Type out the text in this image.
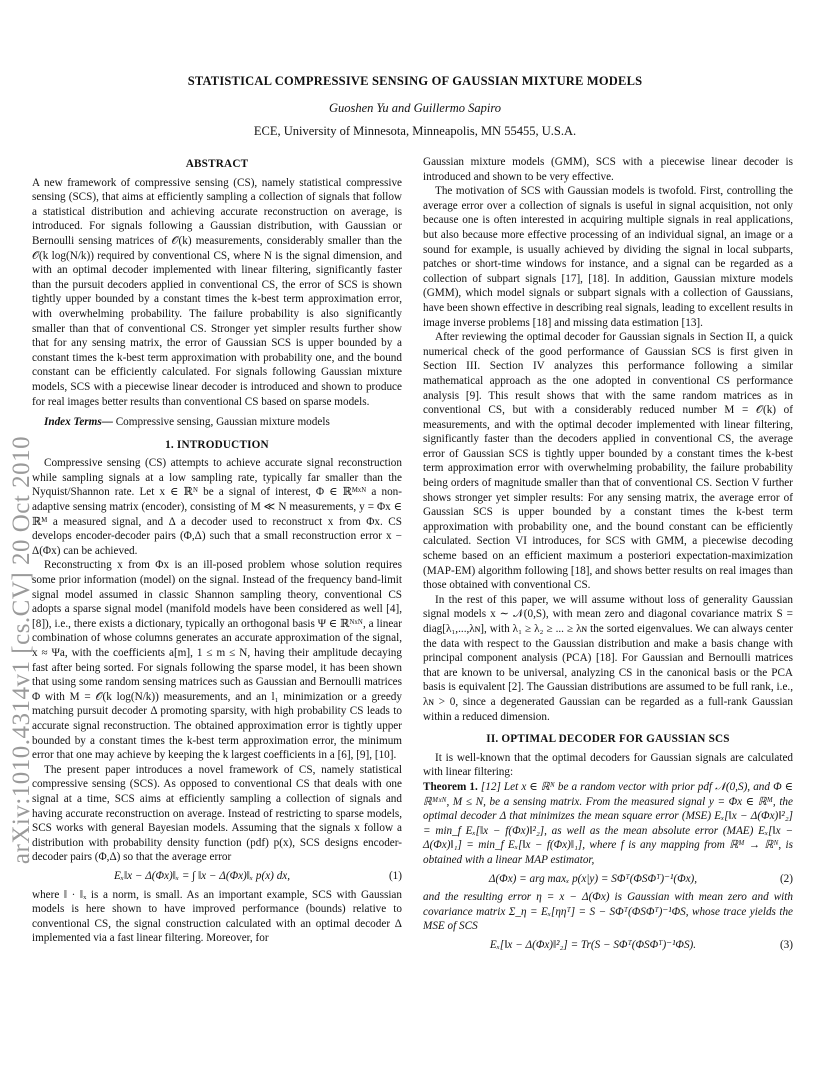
arXiv:1010.4314v1 [cs.CV] 20 Oct 2010
STATISTICAL COMPRESSIVE SENSING OF GAUSSIAN MIXTURE MODELS
Guoshen Yu and Guillermo Sapiro
ECE, University of Minnesota, Minneapolis, MN 55455, U.S.A.
ABSTRACT

A new framework of compressive sensing (CS), namely statistical compressive sensing (SCS), that aims at efficiently sampling a collection of signals that follow a statistical distribution and achieving accurate reconstruction on average, is introduced. For signals following a Gaussian distribution, with Gaussian or Bernoulli sensing matrices of 𝒪(k) measurements, considerably smaller than the 𝒪(k log(N/k)) required by conventional CS, where N is the signal dimension, and with an optimal decoder implemented with linear filtering, significantly faster than the pursuit decoders applied in conventional CS, the error of SCS is shown tightly upper bounded by a constant times the k-best term approximation error, with overwhelming probability. The failure probability is also significantly smaller than that of conventional CS. Stronger yet simpler results further show that for any sensing matrix, the error of Gaussian SCS is upper bounded by a constant times the k-best term approximation with probability one, and the bound constant can be efficiently calculated. For signals following Gaussian mixture models, SCS with a piecewise linear decoder is introduced and shown to produce for real images better results than conventional CS based on sparse models.

Index Terms— Compressive sensing, Gaussian mixture models

1. INTRODUCTION

Compressive sensing (CS) attempts to achieve accurate signal reconstruction while sampling signals at a low sampling rate, typically far smaller than the Nyquist/Shannon rate. Let x ∈ ℝᴺ be a signal of interest, Φ ∈ ℝᴹˣᴺ a non-adaptive sensing matrix (encoder), consisting of M ≪ N measurements, y = Φx ∈ ℝᴹ a measured signal, and Δ a decoder used to reconstruct x from Φx. CS develops encoder-decoder pairs (Φ,Δ) such that a small reconstruction error x − Δ(Φx) can be achieved.

Reconstructing x from Φx is an ill-posed problem whose solution requires some prior information (model) on the signal. Instead of the frequency band-limit signal model assumed in classic Shannon sampling theory, conventional CS adopts a sparse signal model (manifold models have been considered as well [4], [8]), i.e., there exists a dictionary, typically an orthogonal basis Ψ ∈ ℝᴺˣᴺ, a linear combination of whose columns generates an accurate approximation of the signal, x ≈ Ψa, with the coefficients a[m], 1 ≤ m ≤ N, having their amplitude decaying fast after being sorted. For signals following the sparse model, it has been shown that using some random sensing matrices such as Gaussian and Bernoulli matrices Φ with M = 𝒪(k log(N/k)) measurements, and an l₁ minimization or a greedy matching pursuit decoder Δ promoting sparsity, with high probability CS leads to accurate signal reconstruction. The obtained approximation error is tightly upper bounded by a constant times the k-best term approximation error, the minimum error that one may achieve by keeping the k largest coefficients in a [6], [9], [10].

The present paper introduces a novel framework of CS, namely statistical compressive sensing (SCS). As opposed to conventional CS that deals with one signal at a time, SCS aims at efficiently sampling a collection of signals and having accurate reconstruction on average. Instead of restricting to sparse models, SCS works with general Bayesian models. Assuming that the signals x follow a distribution with probability density function (pdf) p(x), SCS designs encoder-decoder pairs (Φ,Δ) so that the average error

Eₓ‖x − Δ(Φx)‖ₓ = ∫ ‖x − Δ(Φx)‖ₓ p(x) dx,	(1)

where ‖ · ‖ₓ is a norm, is small. As an important example, SCS with Gaussian models is here shown to have improved performance (bounds) relative to conventional CS, the signal construction calculated with an optimal decoder Δ implemented via a fast linear filtering. Moreover, for

Gaussian mixture models (GMM), SCS with a piecewise linear decoder is introduced and shown to be very effective.

The motivation of SCS with Gaussian models is twofold. First, controlling the average error over a collection of signals is useful in signal acquisition, not only because one is often interested in acquiring multiple signals in real applications, but also because more effective processing of an individual signal, an image or a sound for example, is usually achieved by dividing the signal in local subparts, patches or short-time windows for instance, and a signal can be regarded as a collection of subpart signals [17], [18]. In addition, Gaussian mixture models (GMM), which model signals or subpart signals with a collection of Gaussians, have been shown effective in describing real signals, leading to excellent results in image inverse problems [18] and missing data estimation [13].

After reviewing the optimal decoder for Gaussian signals in Section II, a quick numerical check of the good performance of Gaussian SCS is first given in Section III. Section IV analyzes this performance following a similar mathematical approach as the one adopted in conventional CS performance analysis [9]. This result shows that with the same random matrices as in conventional CS, but with a considerably reduced number M = 𝒪(k) of measurements, and with the optimal decoder implemented with linear filtering, significantly faster than the decoders applied in conventional CS, the average error of Gaussian SCS is tightly upper bounded by a constant times the k-best term approximation error with overwhelming probability, the failure probability being orders of magnitude smaller than that of conventional CS. Section V further shows stronger yet simpler results: For any sensing matrix, the average error of Gaussian SCS is upper bounded by a constant times the k-best term approximation with probability one, and the bound constant can be efficiently calculated. Section VI introduces, for SCS with GMM, a piecewise decoding scheme based on an efficient maximum a posteriori expectation-maximization (MAP-EM) algorithm following [18], and shows better results on real images than those obtained with conventional CS.

In the rest of this paper, we will assume without loss of generality Gaussian signal models x ∼ 𝒩(0,S), with mean zero and diagonal covariance matrix S = diag[λ₁,...,λɴ], with λ₁ ≥ λ₂ ≥ ... ≥ λɴ the sorted eigenvalues. We can always center the data with respect to the Gaussian distribution and make a basis change with principal component analysis (PCA) [18]. For Gaussian and Bernoulli matrices that are known to be universal, analyzing CS in the canonical basis or the PCA basis is equivalent [2]. The Gaussian distributions are assumed to be full rank, i.e., λɴ > 0, since a degenerated Gaussian can be regarded as a full-rank Gaussian within a reduced dimension.

II. OPTIMAL DECODER FOR GAUSSIAN SCS

It is well-known that the optimal decoders for Gaussian signals are calculated with linear filtering:

Theorem 1. [12] Let x ∈ ℝᴺ be a random vector with prior pdf 𝒩(0,S), and Φ ∈ ℝᴹˣᴺ, M ≤ N, be a sensing matrix. From the measured signal y = Φx ∈ ℝᴹ, the optimal decoder Δ that minimizes the mean square error (MSE) Eₓ[‖x − Δ(Φx)‖²₂] = min_f Eₓ[‖x − f(Φx)‖²₂], as well as the mean absolute error (MAE) Eₓ[‖x − Δ(Φx)‖₁] = min_f Eₓ[‖x − f(Φx)‖₁], where f is any mapping from ℝᴹ → ℝᴺ, is obtained with a linear MAP estimator,

Δ(Φx) = arg maxₓ p(x|y) = SΦᵀ(ΦSΦᵀ)⁻¹(Φx),	(2)

and the resulting error η = x − Δ(Φx) is Gaussian with mean zero and with covariance matrix Σ_η = Eₓ[ηηᵀ] = S − SΦᵀ(ΦSΦᵀ)⁻¹ΦS, whose trace yields the MSE of SCS

Eₓ[‖x − Δ(Φx)‖²₂] = Tr(S − SΦᵀ(ΦSΦᵀ)⁻¹ΦS).	(3)
